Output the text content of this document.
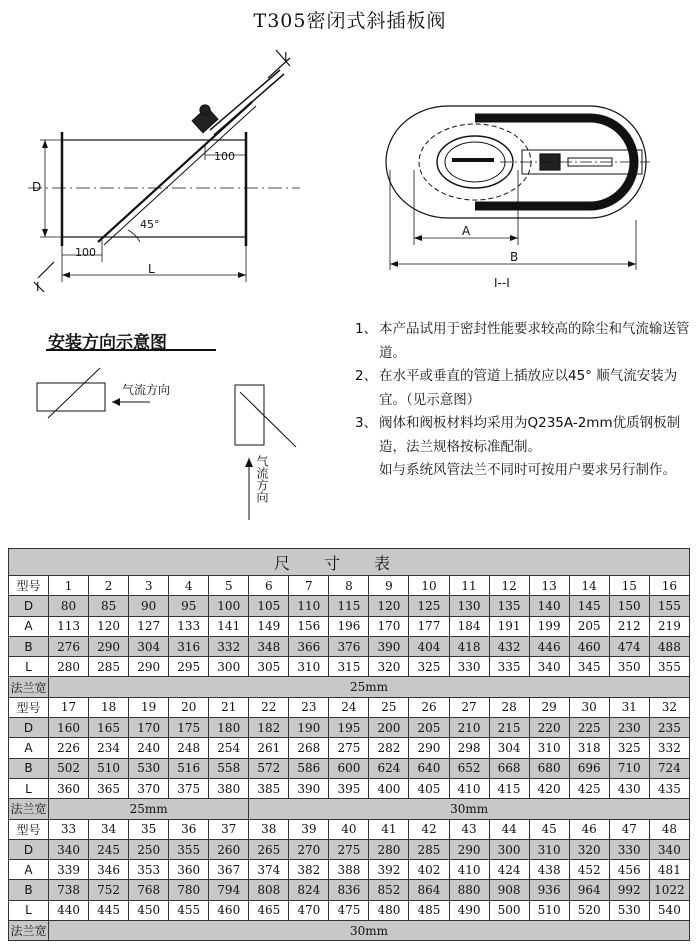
T305密闭式斜插板阀
100
100
D
L
45°	A
B
I
I	I--I
安装方向示意图
气流方向
气流方向
1、 本产品试用于密封性能要求较高的除尘和气流输送管道。
2、 在水平或垂直的管道上插放应以45° 顺气流安装为宜。（见示意图）
3、 阀体和阀板材料均采用为Q235A-2mm优质钢板制造，法兰规格按标准配制。
如与系统风管法兰不同时可按用户要求另行制作。
尺寸表																
型号	1	2	3	4	5	6	7	8	9	10	11	12	13	14	15	16
D	80	85	90	95	100	105	110	115	120	125	130	135	140	145	150	155
A	113	120	127	133	141	149	156	196	170	177	184	191	199	205	212	219
B	276	290	304	316	332	348	366	376	390	404	418	432	446	460	474	488
L	280	285	290	295	300	305	310	315	320	325	330	335	340	345	350	355
法兰宽	25mm															
型号	17	18	19	20	21	22	23	24	25	26	27	28	29	30	31	32
D	160	165	170	175	180	182	190	195	200	205	210	215	220	225	230	235
A	226	234	240	248	254	261	268	275	282	290	298	304	310	318	325	332
B	502	510	530	516	558	572	586	600	624	640	652	668	680	696	710	724
L	360	365	370	375	380	385	390	395	400	405	410	415	420	425	430	435
法兰宽	25mm					30mm										
型号	33	34	35	36	37	38	39	40	41	42	43	44	45	46	47	48
D	340	245	250	355	260	265	270	275	280	285	290	300	310	320	330	340
A	339	346	353	360	367	374	382	388	392	402	410	424	438	452	456	481
B	738	752	768	780	794	808	824	836	852	864	880	908	936	964	992	1022
L	440	445	450	455	460	465	470	475	480	485	490	500	510	520	530	540
法兰宽	30mm															
